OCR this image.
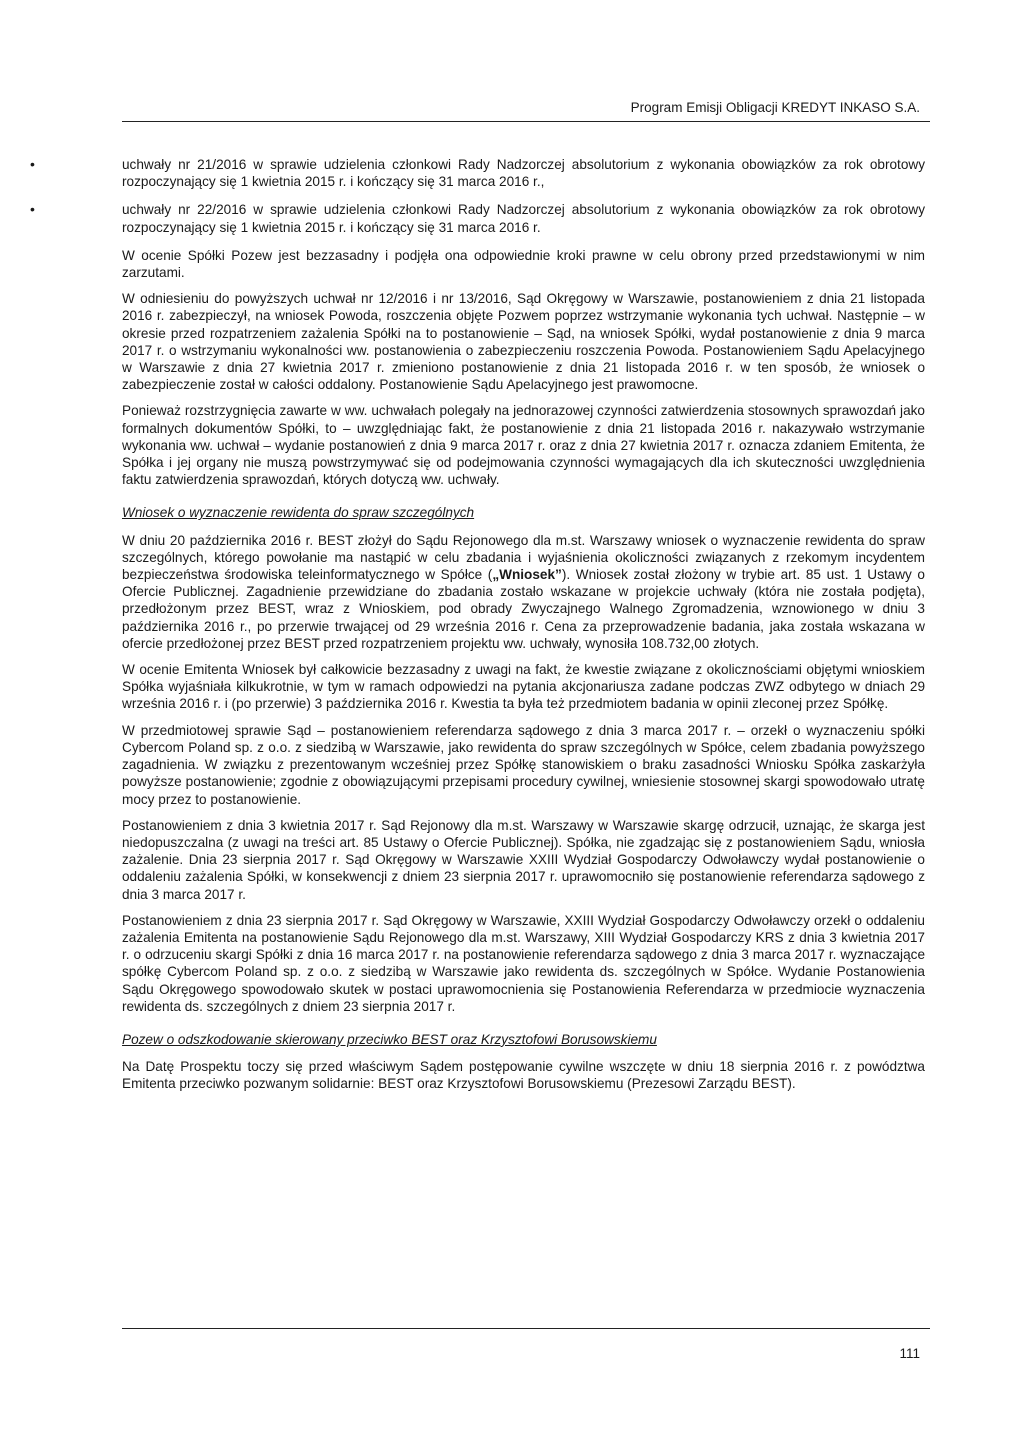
Program Emisji Obligacji KREDYT INKASO S.A.
• uchwały nr 21/2016 w sprawie udzielenia członkowi Rady Nadzorczej absolutorium z wykonania obowiązków za rok obrotowy rozpoczynający się 1 kwietnia 2015 r. i kończący się 31 marca 2016 r.,
• uchwały nr 22/2016 w sprawie udzielenia członkowi Rady Nadzorczej absolutorium z wykonania obowiązków za rok obrotowy rozpoczynający się 1 kwietnia 2015 r. i kończący się 31 marca 2016 r.

W ocenie Spółki Pozew jest bezzasadny i podjęła ona odpowiednie kroki prawne w celu obrony przed przedstawionymi w nim zarzutami.

W odniesieniu do powyższych uchwał nr 12/2016 i nr 13/2016, Sąd Okręgowy w Warszawie, postanowieniem z dnia 21 listopada 2016 r. zabezpieczył, na wniosek Powoda, roszczenia objęte Pozwem poprzez wstrzymanie wykonania tych uchwał. Następnie – w okresie przed rozpatrzeniem zażalenia Spółki na to postanowienie – Sąd, na wniosek Spółki, wydał postanowienie z dnia 9 marca 2017 r. o wstrzymaniu wykonalności ww. postanowienia o zabezpieczeniu roszczenia Powoda. Postanowieniem Sądu Apelacyjnego w Warszawie z dnia 27 kwietnia 2017 r. zmieniono postanowienie z dnia 21 listopada 2016 r. w ten sposób, że wniosek o zabezpieczenie został w całości oddalony. Postanowienie Sądu Apelacyjnego jest prawomocne.

Ponieważ rozstrzygnięcia zawarte w ww. uchwałach polegały na jednorazowej czynności zatwierdzenia stosownych sprawozdań jako formalnych dokumentów Spółki, to – uwzględniając fakt, że postanowienie z dnia 21 listopada 2016 r. nakazywało wstrzymanie wykonania ww. uchwał – wydanie postanowień z dnia 9 marca 2017 r. oraz z dnia 27 kwietnia 2017 r. oznacza zdaniem Emitenta, że Spółka i jej organy nie muszą powstrzymywać się od podejmowania czynności wymagających dla ich skuteczności uwzględnienia faktu zatwierdzenia sprawozdań, których dotyczą ww. uchwały.

Wniosek o wyznaczenie rewidenta do spraw szczególnych

W dniu 20 października 2016 r. BEST złożył do Sądu Rejonowego dla m.st. Warszawy wniosek o wyznaczenie rewidenta do spraw szczególnych, którego powołanie ma nastąpić w celu zbadania i wyjaśnienia okoliczności związanych z rzekomym incydentem bezpieczeństwa środowiska teleinformatycznego w Spółce („Wniosek”). Wniosek został złożony w trybie art. 85 ust. 1 Ustawy o Ofercie Publicznej. Zagadnienie przewidziane do zbadania zostało wskazane w projekcie uchwały (która nie została podjęta), przedłożonym przez BEST, wraz z Wnioskiem, pod obrady Zwyczajnego Walnego Zgromadzenia, wznowionego w dniu 3 października 2016 r., po przerwie trwającej od 29 września 2016 r. Cena za przeprowadzenie badania, jaka została wskazana w ofercie przedłożonej przez BEST przed rozpatrzeniem projektu ww. uchwały, wynosiła 108.732,00 złotych.

W ocenie Emitenta Wniosek był całkowicie bezzasadny z uwagi na fakt, że kwestie związane z okolicznościami objętymi wnioskiem Spółka wyjaśniała kilkukrotnie, w tym w ramach odpowiedzi na pytania akcjonariusza zadane podczas ZWZ odbytego w dniach 29 września 2016 r. i (po przerwie) 3 października 2016 r. Kwestia ta była też przedmiotem badania w opinii zleconej przez Spółkę.

W przedmiotowej sprawie Sąd – postanowieniem referendarza sądowego z dnia 3 marca 2017 r. – orzekł o wyznaczeniu spółki Cybercom Poland sp. z o.o. z siedzibą w Warszawie, jako rewidenta do spraw szczególnych w Spółce, celem zbadania powyższego zagadnienia. W związku z prezentowanym wcześniej przez Spółkę stanowiskiem o braku zasadności Wniosku Spółka zaskarżyła powyższe postanowienie; zgodnie z obowiązującymi przepisami procedury cywilnej, wniesienie stosownej skargi spowodowało utratę mocy przez to postanowienie.

Postanowieniem z dnia 3 kwietnia 2017 r. Sąd Rejonowy dla m.st. Warszawy w Warszawie skargę odrzucił, uznając, że skarga jest niedopuszczalna (z uwagi na treści art. 85 Ustawy o Ofercie Publicznej). Spółka, nie zgadzając się z postanowieniem Sądu, wniosła zażalenie. Dnia 23 sierpnia 2017 r. Sąd Okręgowy w Warszawie XXIII Wydział Gospodarczy Odwoławczy wydał postanowienie o oddaleniu zażalenia Spółki, w konsekwencji z dniem 23 sierpnia 2017 r. uprawomocniło się postanowienie referendarza sądowego z dnia 3 marca 2017 r.

Postanowieniem z dnia 23 sierpnia 2017 r. Sąd Okręgowy w Warszawie, XXIII Wydział Gospodarczy Odwoławczy orzekł o oddaleniu zażalenia Emitenta na postanowienie Sądu Rejonowego dla m.st. Warszawy, XIII Wydział Gospodarczy KRS z dnia 3 kwietnia 2017 r. o odrzuceniu skargi Spółki z dnia 16 marca 2017 r. na postanowienie referendarza sądowego z dnia 3 marca 2017 r. wyznaczające spółkę Cybercom Poland sp. z o.o. z siedzibą w Warszawie jako rewidenta ds. szczególnych w Spółce. Wydanie Postanowienia Sądu Okręgowego spowodowało skutek w postaci uprawomocnienia się Postanowienia Referendarza w przedmiocie wyznaczenia rewidenta ds. szczególnych z dniem 23 sierpnia 2017 r.

Pozew o odszkodowanie skierowany przeciwko BEST oraz Krzysztofowi Borusowskiemu

Na Datę Prospektu toczy się przed właściwym Sądem postępowanie cywilne wszczęte w dniu 18 sierpnia 2016 r. z powództwa Emitenta przeciwko pozwanym solidarnie: BEST oraz Krzysztofowi Borusowskiemu (Prezesowi Zarządu BEST).

111
